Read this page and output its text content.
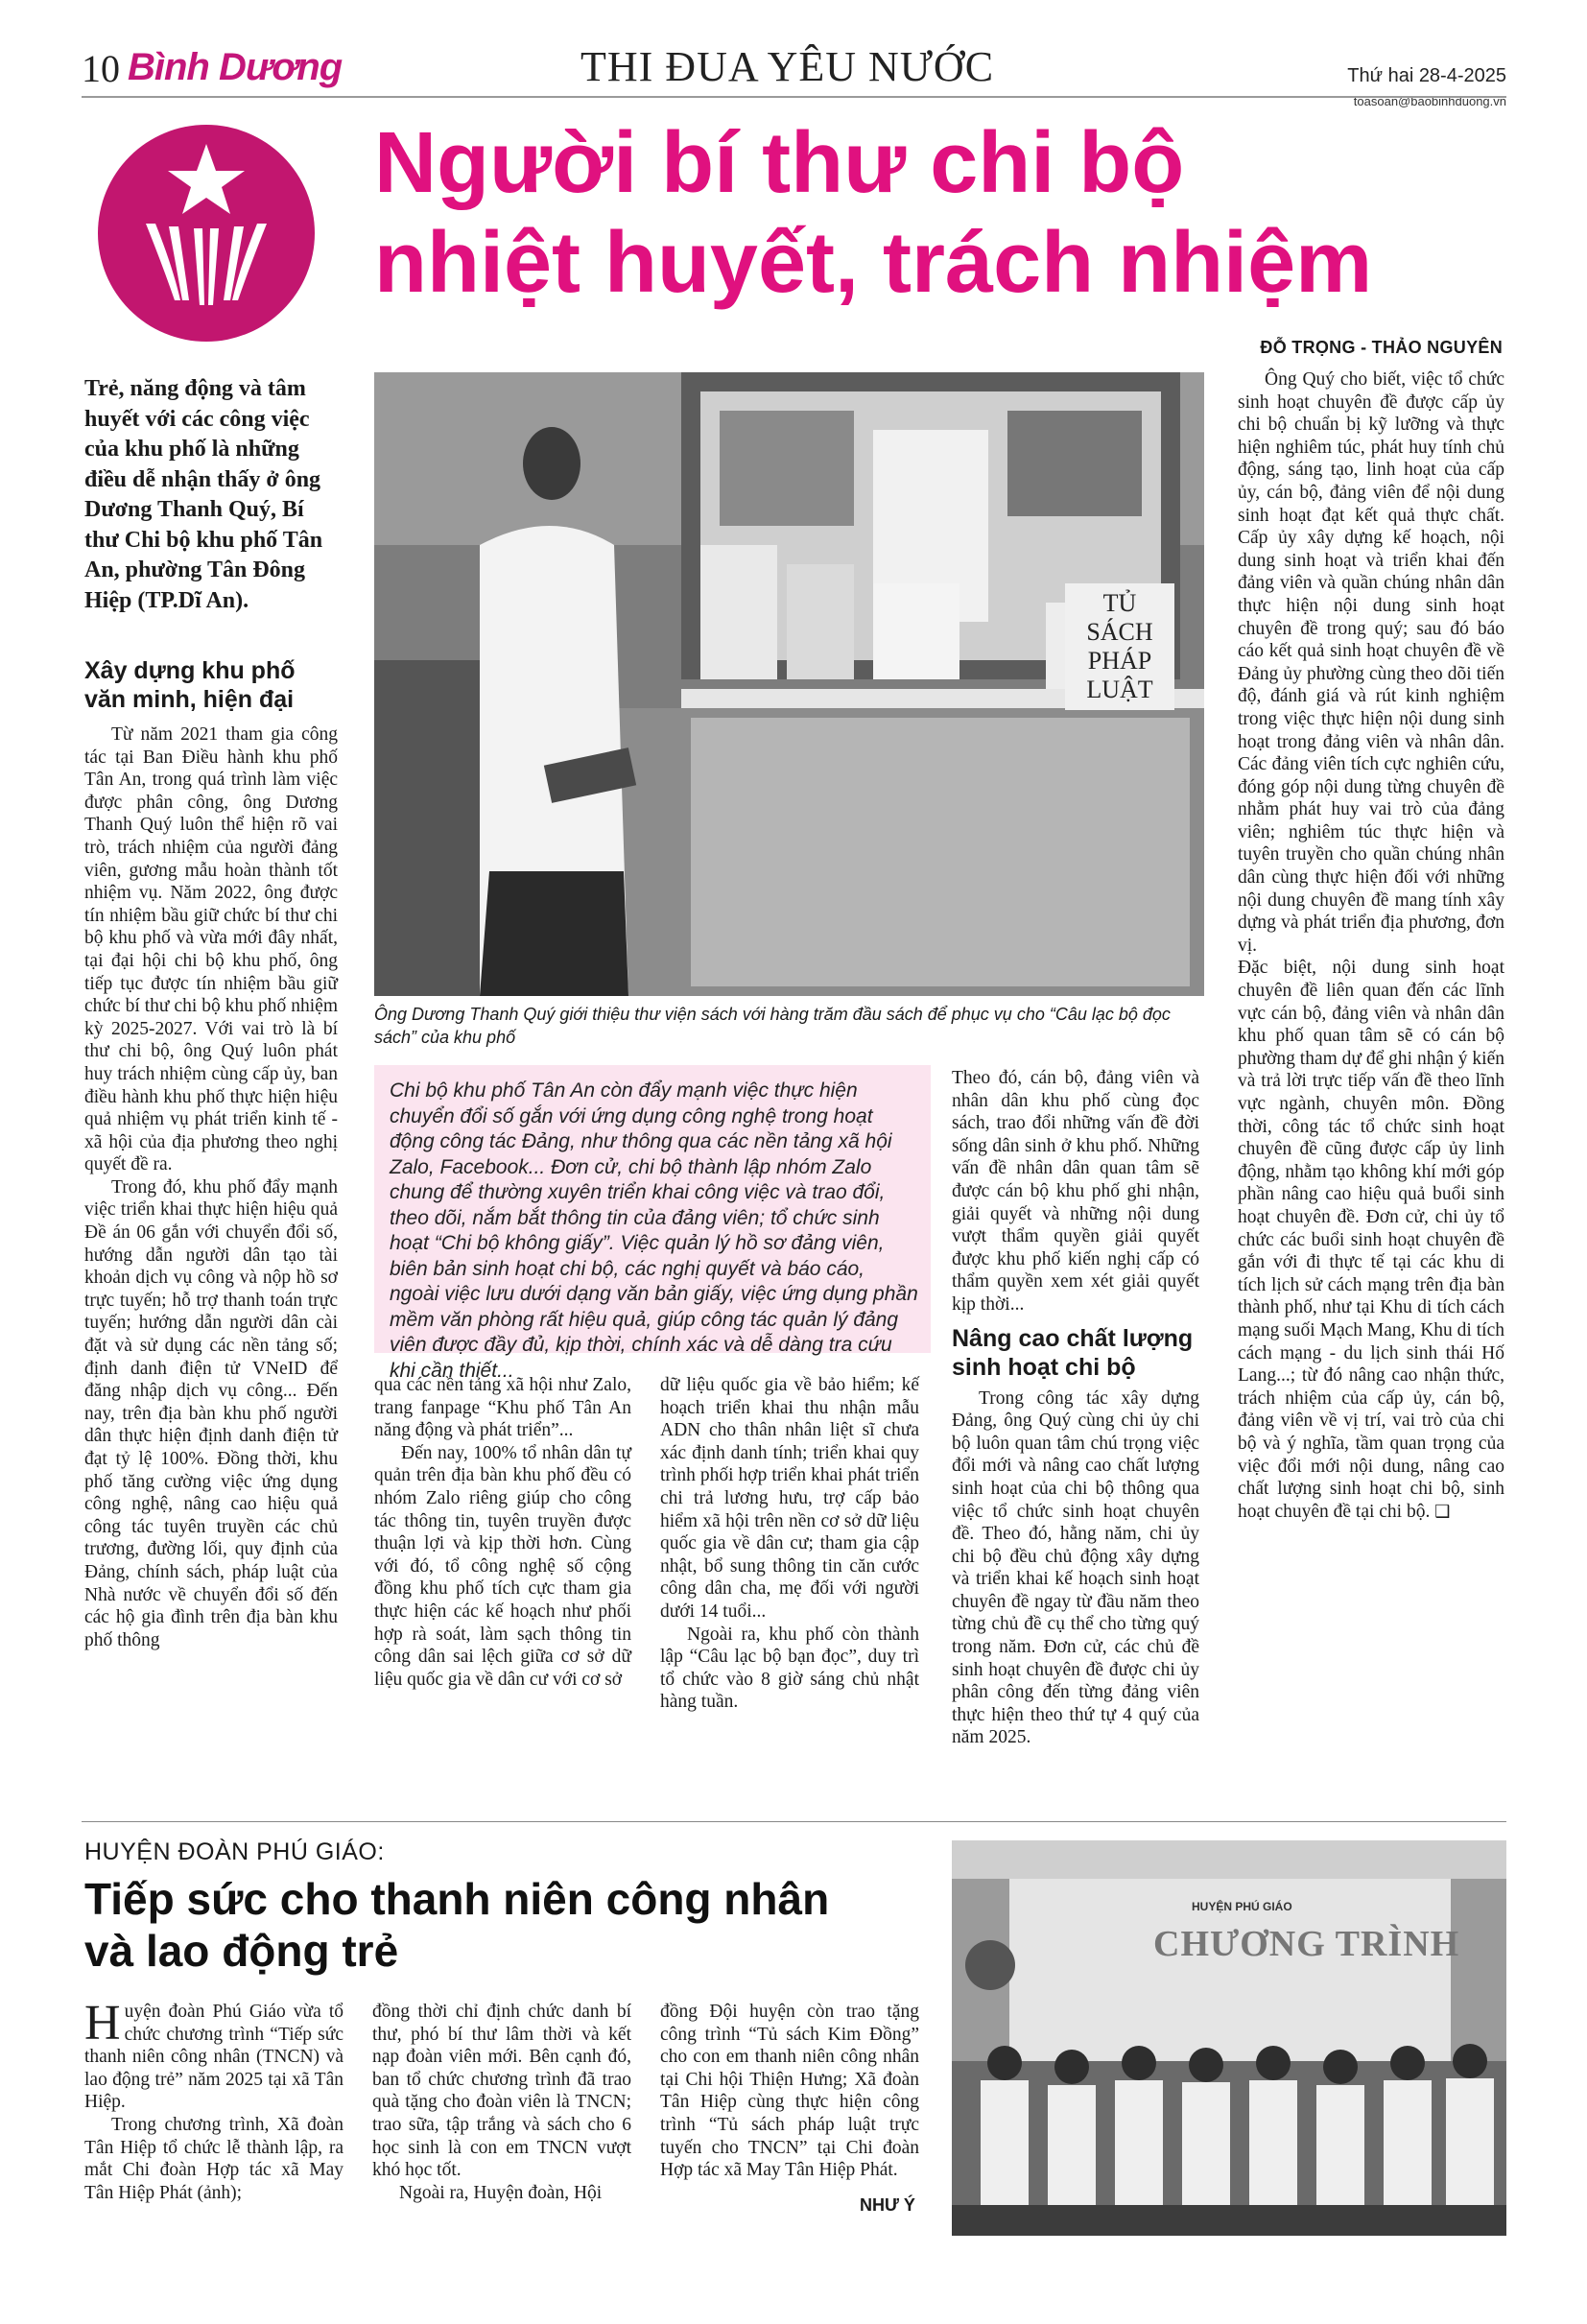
10 Bình Dương	THI ĐUA YÊU NƯỚC	Thứ hai 28-4-2025
toasoan@baobinhduong.vn
Người bí thư chi bộ
nhiệt huyết, trách nhiệm
ĐỖ TRỌNG - THẢO NGUYÊN

Trẻ, năng động và tâm huyết với các công việc của khu phố là những điều dễ nhận thấy ở ông Dương Thanh Quý, Bí thư Chi bộ khu phố Tân An, phường Tân Đông Hiệp (TP.Dĩ An).

Xây dựng khu phố văn minh, hiện đại

Từ năm 2021 tham gia công tác tại Ban Điều hành khu phố Tân An, trong quá trình làm việc được phân công, ông Dương Thanh Quý luôn thể hiện rõ vai trò, trách nhiệm của người đảng viên, gương mẫu hoàn thành tốt nhiệm vụ. Năm 2022, ông được tín nhiệm bầu giữ chức bí thư chi bộ khu phố và vừa mới đây nhất, tại đại hội chi bộ khu phố, ông tiếp tục được tín nhiệm bầu giữ chức bí thư chi bộ khu phố nhiệm kỳ 2025-2027. Với vai trò là bí thư chi bộ, ông Quý luôn phát huy trách nhiệm cùng cấp ủy, ban điều hành khu phố thực hiện hiệu quả nhiệm vụ phát triển kinh tế - xã hội của địa phương theo nghị quyết đề ra.

Trong đó, khu phố đẩy mạnh việc triển khai thực hiện hiệu quả Đề án 06 gắn với chuyển đổi số, hướng dẫn người dân tạo tài khoản dịch vụ công và nộp hồ sơ trực tuyến; hỗ trợ thanh toán trực tuyến; hướng dẫn người dân cài đặt và sử dụng các nền tảng số; định danh điện tử VNeID để đăng nhập dịch vụ công... Đến nay, trên địa bàn khu phố người dân thực hiện định danh điện tử đạt tỷ lệ 100%. Đồng thời, khu phố tăng cường việc ứng dụng công nghệ, nâng cao hiệu quả công tác tuyên truyền các chủ trương, đường lối, quy định của Đảng, chính sách, pháp luật của Nhà nước về chuyển đổi số đến các hộ gia đình trên địa bàn khu phố thông

TỦ SÁCH PHÁP LUẬT

Ông Dương Thanh Quý giới thiệu thư viện sách với hàng trăm đầu sách để phục vụ cho “Câu lạc bộ đọc sách” của khu phố

Chi bộ khu phố Tân An còn đẩy mạnh việc thực hiện chuyển đổi số gắn với ứng dụng công nghệ trong hoạt động công tác Đảng, như thông qua các nền tảng xã hội Zalo, Facebook... Đơn cử, chi bộ thành lập nhóm Zalo chung để thường xuyên triển khai công việc và trao đổi, theo dõi, nắm bắt thông tin của đảng viên; tổ chức sinh hoạt “Chi bộ không giấy”. Việc quản lý hồ sơ đảng viên, biên bản sinh hoạt chi bộ, các nghị quyết và báo cáo, ngoài việc lưu dưới dạng văn bản giấy, việc ứng dụng phần mềm văn phòng rất hiệu quả, giúp công tác quản lý đảng viên được đầy đủ, kịp thời, chính xác và dễ dàng tra cứu khi cần thiết...

qua các nền tảng xã hội như Zalo, trang fanpage “Khu phố Tân An năng động và phát triển”...

Đến nay, 100% tổ nhân dân tự quản trên địa bàn khu phố đều có nhóm Zalo riêng giúp cho công tác thông tin, tuyên truyền được thuận lợi và kịp thời hơn. Cùng với đó, tổ công nghệ số cộng đồng khu phố tích cực tham gia thực hiện các kế hoạch như phối hợp rà soát, làm sạch thông tin công dân sai lệch giữa cơ sở dữ liệu quốc gia về dân cư với cơ sở

dữ liệu quốc gia về bảo hiểm; kế hoạch triển khai thu nhận mẫu ADN cho thân nhân liệt sĩ chưa xác định danh tính; triển khai quy trình phối hợp triển khai phát triển chi trả lương hưu, trợ cấp bảo hiểm xã hội trên nền cơ sở dữ liệu quốc gia về dân cư; tham gia cập nhật, bổ sung thông tin căn cước công dân cha, mẹ đối với người dưới 14 tuổi...

Ngoài ra, khu phố còn thành lập “Câu lạc bộ bạn đọc”, duy trì tổ chức vào 8 giờ sáng chủ nhật hàng tuần.

Theo đó, cán bộ, đảng viên và nhân dân khu phố cùng đọc sách, trao đổi những vấn đề đời sống dân sinh ở khu phố. Những vấn đề nhân dân quan tâm sẽ được cán bộ khu phố ghi nhận, giải quyết và những nội dung vượt thẩm quyền giải quyết được khu phố kiến nghị cấp có thẩm quyền xem xét giải quyết kịp thời...

Nâng cao chất lượng sinh hoạt chi bộ

Trong công tác xây dựng Đảng, ông Quý cùng chi ủy chi bộ luôn quan tâm chú trọng việc đổi mới và nâng cao chất lượng sinh hoạt của chi bộ thông qua việc tổ chức sinh hoạt chuyên đề. Theo đó, hằng năm, chi ủy chi bộ đều chủ động xây dựng và triển khai kế hoạch sinh hoạt chuyên đề ngay từ đầu năm theo từng chủ đề cụ thể cho từng quý trong năm. Đơn cử, các chủ đề sinh hoạt chuyên đề được chi ủy phân công đến từng đảng viên thực hiện theo thứ tự 4 quý của năm 2025.

Ông Quý cho biết, việc tổ chức sinh hoạt chuyên đề được cấp ủy chi bộ chuẩn bị kỹ lưỡng và thực hiện nghiêm túc, phát huy tính chủ động, sáng tạo, linh hoạt của cấp ủy, cán bộ, đảng viên để nội dung sinh hoạt đạt kết quả thực chất. Cấp ủy xây dựng kế hoạch, nội dung sinh hoạt và triển khai đến đảng viên và quần chúng nhân dân thực hiện nội dung sinh hoạt chuyên đề trong quý; sau đó báo cáo kết quả sinh hoạt chuyên đề về Đảng ủy phường cùng theo dõi tiến độ, đánh giá và rút kinh nghiệm trong việc thực hiện nội dung sinh hoạt trong đảng viên và nhân dân. Các đảng viên tích cực nghiên cứu, đóng góp nội dung từng chuyên đề nhằm phát huy vai trò của đảng viên; nghiêm túc thực hiện và tuyên truyền cho quần chúng nhân dân cùng thực hiện đối với những nội dung chuyên đề mang tính xây dựng và phát triển địa phương, đơn vị.

Đặc biệt, nội dung sinh hoạt chuyên đề liên quan đến các lĩnh vực cán bộ, đảng viên và nhân dân khu phố quan tâm sẽ có cán bộ phường tham dự để ghi nhận ý kiến và trả lời trực tiếp vấn đề theo lĩnh vực ngành, chuyên môn. Đồng thời, công tác tổ chức sinh hoạt chuyên đề cũng được cấp ủy linh động, nhằm tạo không khí mới góp phần nâng cao hiệu quả buổi sinh hoạt chuyên đề. Đơn cử, chi ủy tổ chức các buổi sinh hoạt chuyên đề gắn với đi thực tế tại các khu di tích lịch sử cách mạng trên địa bàn thành phố, như tại Khu di tích cách mạng suối Mạch Mang, Khu di tích cách mạng - du lịch sinh thái Hố Lang...; từ đó nâng cao nhận thức, trách nhiệm của cấp ủy, cán bộ, đảng viên về vị trí, vai trò của chi bộ và ý nghĩa, tầm quan trọng của việc đổi mới nội dung, nâng cao chất lượng sinh hoạt chi bộ, sinh hoạt chuyên đề tại chi bộ. ❑
HUYỆN ĐOÀN PHÚ GIÁO:
Tiếp sức cho thanh niên công nhân
và lao động trẻ
H uyện đoàn Phú Giáo vừa tổ chức chương trình “Tiếp sức thanh niên công nhân (TNCN) và lao động trẻ” năm 2025 tại xã Tân Hiệp.

Trong chương trình, Xã đoàn Tân Hiệp tổ chức lễ thành lập, ra mắt Chi đoàn Hợp tác xã May Tân Hiệp Phát (ảnh);

đồng thời chỉ định chức danh bí thư, phó bí thư lâm thời và kết nạp đoàn viên mới. Bên cạnh đó, ban tổ chức chương trình đã trao quà tặng cho đoàn viên là TNCN; trao sữa, tập trắng và sách cho 6 học sinh là con em TNCN vượt khó học tốt.

Ngoài ra, Huyện đoàn, Hội

đồng Đội huyện còn trao tặng công trình “Tủ sách Kim Đồng” cho con em thanh niên công nhân tại Chi hội Thiện Hưng; Xã đoàn Tân Hiệp cùng thực hiện công trình “Tủ sách pháp luật trực tuyến cho TNCN” tại Chi đoàn Hợp tác xã May Tân Hiệp Phát.

NHƯ Ý
HUYỆN PHÚ GIÁO
CHƯƠNG TRÌNH
